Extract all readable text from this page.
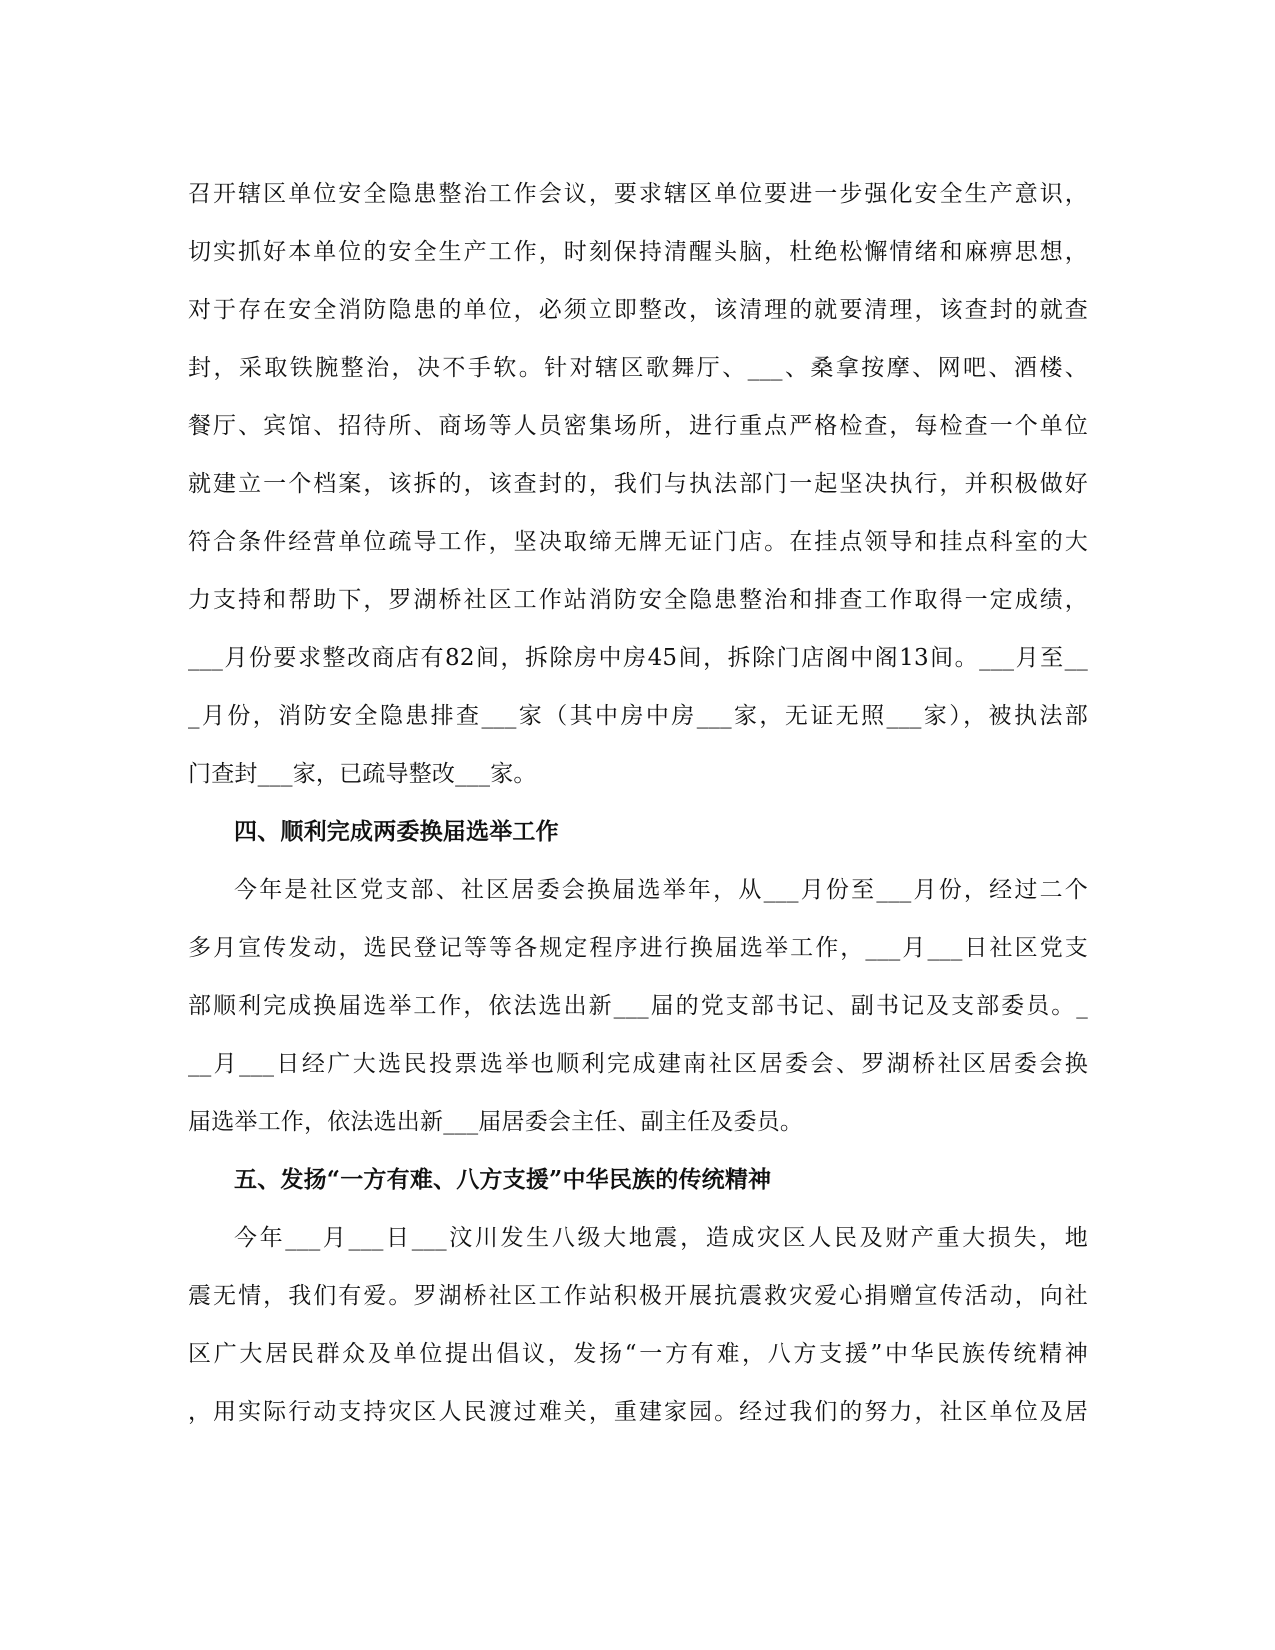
召开辖区单位安全隐患整治工作会议，要求辖区单位要进一步强化安全生产意识，
切实抓好本单位的安全生产工作，时刻保持清醒头脑，杜绝松懈情绪和麻痹思想，
对于存在安全消防隐患的单位，必须立即整改，该清理的就要清理，该查封的就查
封，采取铁腕整治，决不手软。针对辖区歌舞厅、___、桑拿按摩、网吧、酒楼、
餐厅、宾馆、招待所、商场等人员密集场所，进行重点严格检查，每检查一个单位
就建立一个档案，该拆的，该查封的，我们与执法部门一起坚决执行，并积极做好
符合条件经营单位疏导工作，坚决取缔无牌无证门店。在挂点领导和挂点科室的大
力支持和帮助下，罗湖桥社区工作站消防安全隐患整治和排查工作取得一定成绩，
___月份要求整改商店有82间，拆除房中房45间，拆除门店阁中阁13间。___月至__
_月份，消防安全隐患排查___家（其中房中房___家，无证无照___家），被执法部
门查封___家，已疏导整改___家。
四、顺利完成两委换届选举工作
今年是社区党支部、社区居委会换届选举年，从___月份至___月份，经过二个
多月宣传发动，选民登记等等各规定程序进行换届选举工作，___月___日社区党支
部顺利完成换届选举工作，依法选出新___届的党支部书记、副书记及支部委员。_
__月___日经广大选民投票选举也顺利完成建南社区居委会、罗湖桥社区居委会换
届选举工作，依法选出新___届居委会主任、副主任及委员。
五、发扬“一方有难、八方支援”中华民族的传统精神
今年___月___日___汶川发生八级大地震，造成灾区人民及财产重大损失，地
震无情，我们有爱。罗湖桥社区工作站积极开展抗震救灾爱心捐赠宣传活动，向社
区广大居民群众及单位提出倡议，发扬“一方有难，八方支援”中华民族传统精神
，用实际行动支持灾区人民渡过难关，重建家园。经过我们的努力，社区单位及居
